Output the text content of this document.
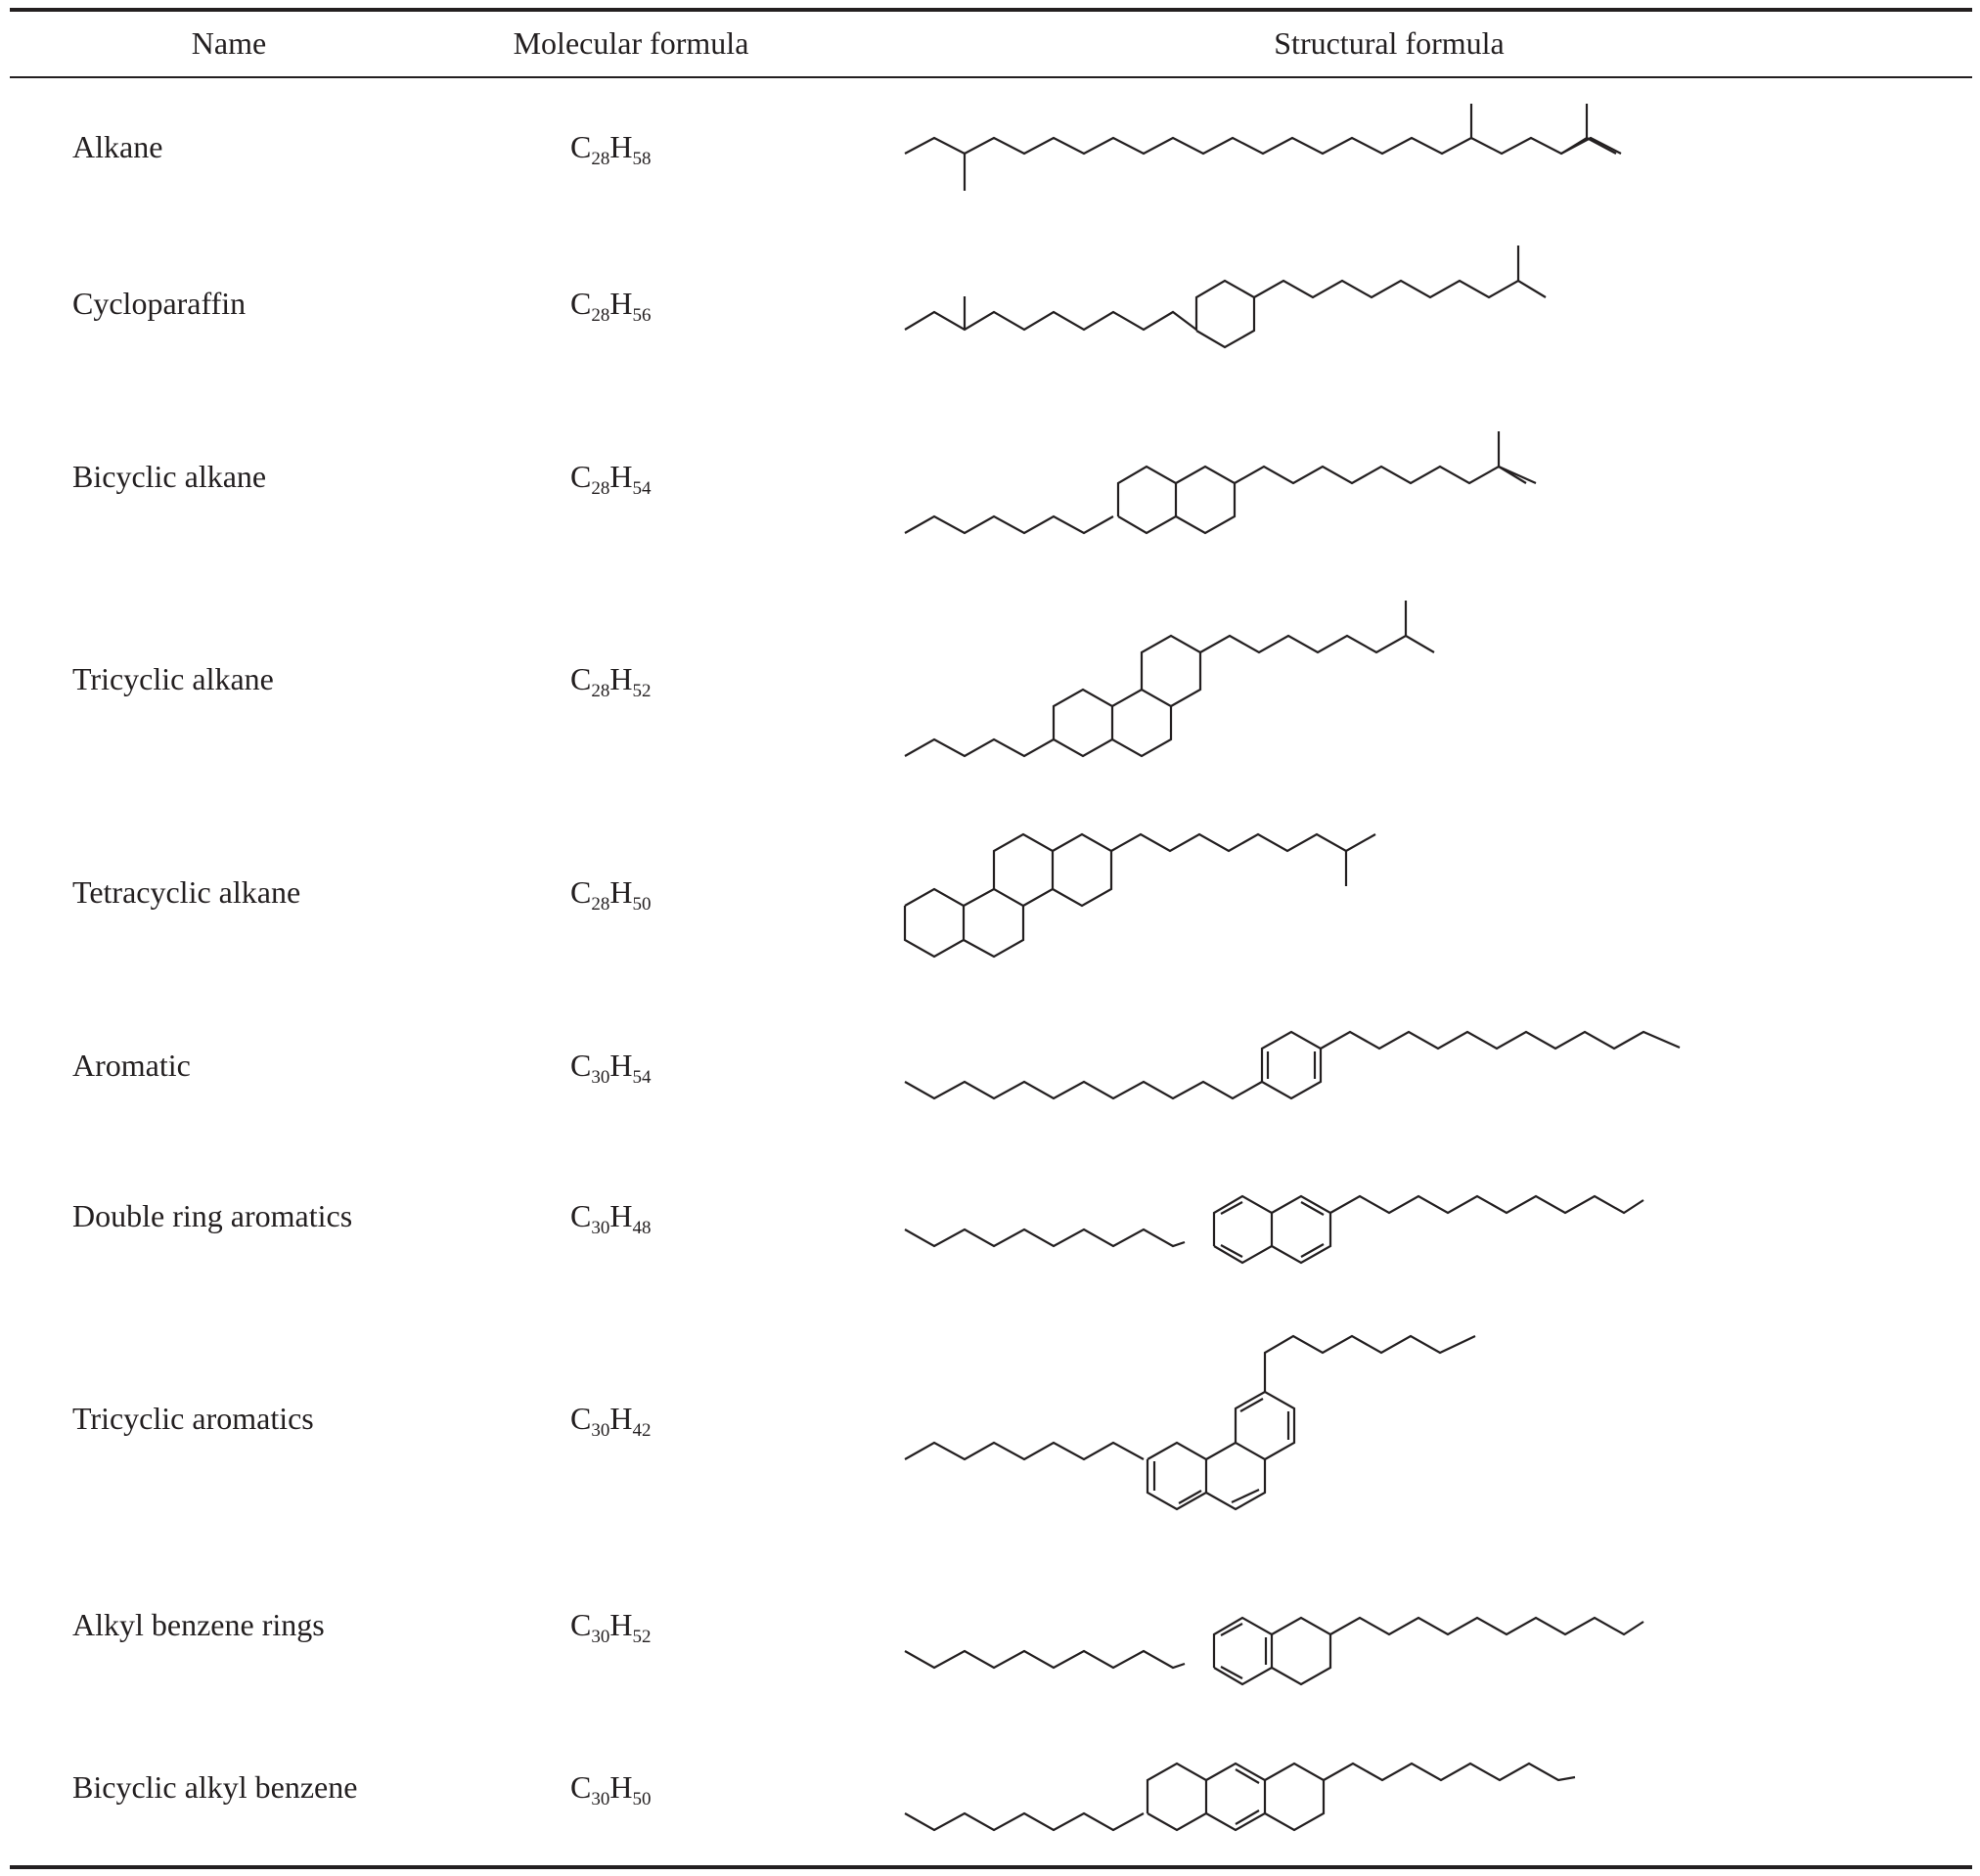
Name	Molecular formula	Structural formula
Alkane	$C_{28}H_{58}$
Cycloparaffin	$C_{28}H_{56}$
Bicyclic alkane	$C_{28}H_{54}$
Tricyclic alkane	$C_{28}H_{52}$
Tetracyclic alkane	$C_{28}H_{50}$
Aromatic	$C_{30}H_{54}$
Double ring aromatics	$C_{30}H_{48}$
Tricyclic aromatics	$C_{30}H_{42}$
Alkyl benzene rings	$C_{30}H_{52}$
Bicyclic alkyl benzene	$C_{30}H_{50}$
